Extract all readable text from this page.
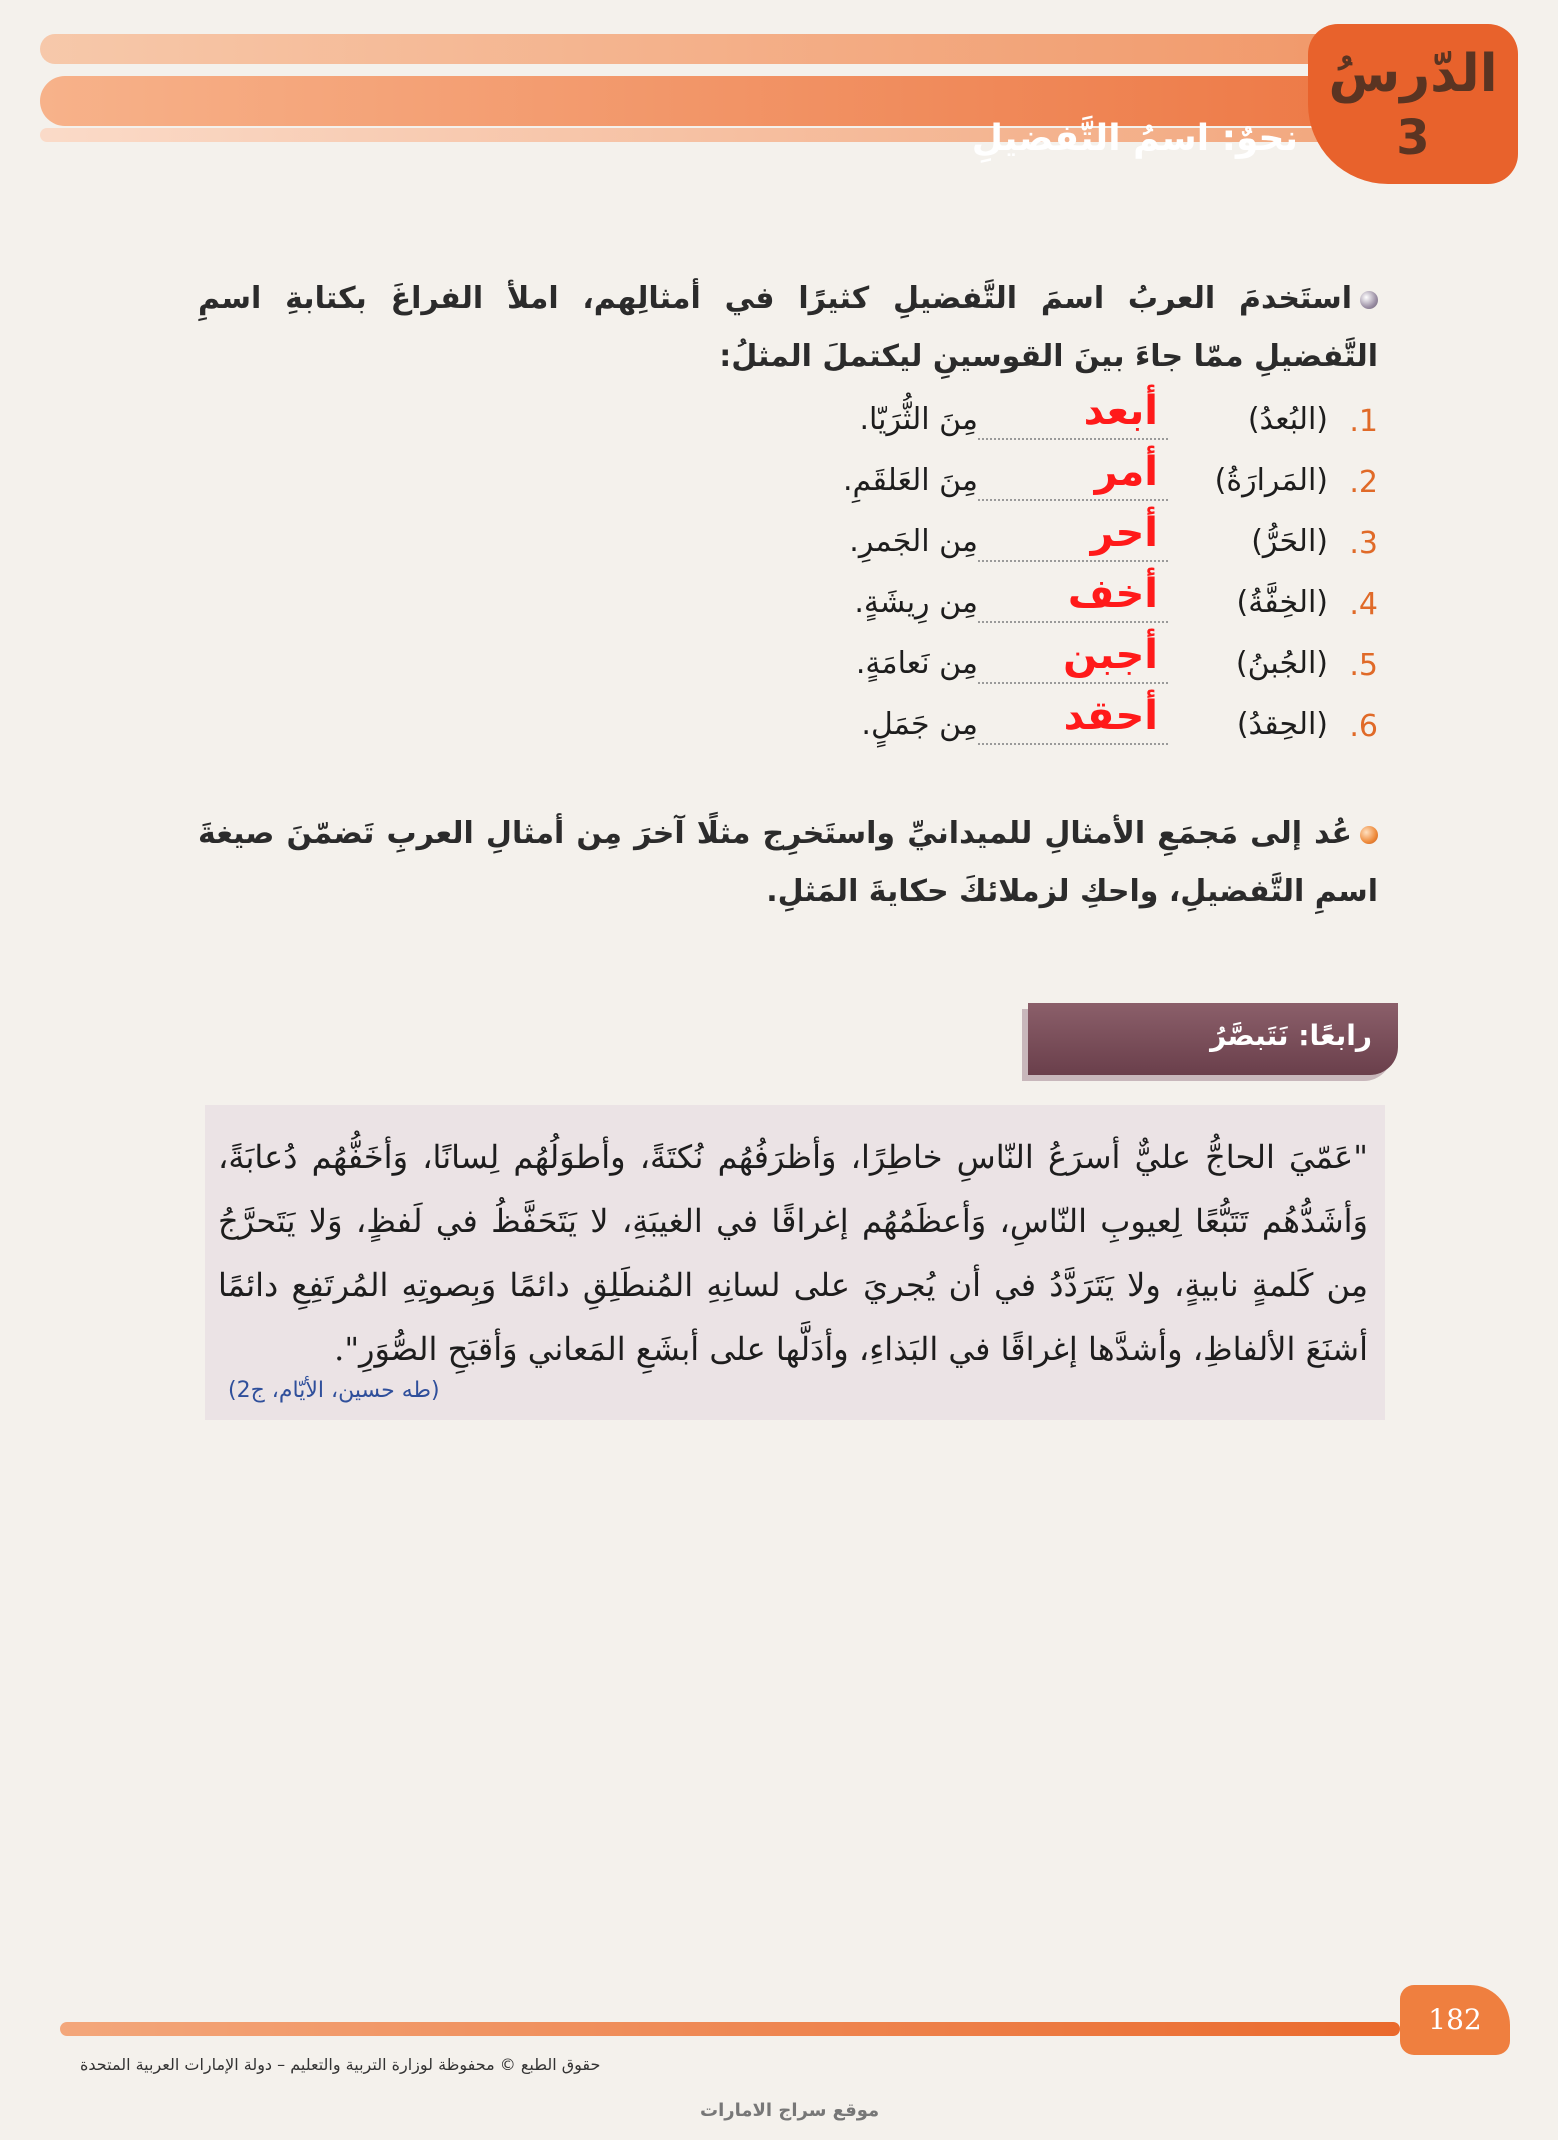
الدّرسُ
3
نحوٌ: اسمُ التَّفضيلِ
استَخدمَ العربُ اسمَ التَّفضيلِ كثيرًا في أمثالِهم، املأ الفراغَ بكتابةِ اسمِ التَّفضيلِ ممّا جاءَ بينَ القوسينِ ليكتملَ المثلُ:
1.
(البُعدُ)
أبعد
مِنَ الثُّرَيّا.
2.
(المَرارَةُ)
أمر
مِنَ العَلقَمِ.
3.
(الحَرُّ)
أحر
مِن الجَمرِ.
4.
(الخِفَّةُ)
أخف
مِن رِيشَةٍ.
5.
(الجُبنُ)
أجبن
مِن نَعامَةٍ.
6.
(الحِقدُ)
أحقد
مِن جَمَلٍ.
عُد إلى مَجمَعِ الأمثالِ للميدانيِّ واستَخرِج مثلًا آخرَ مِن أمثالِ العربِ تَضمّنَ صيغةَ اسمِ التَّفضيلِ، واحكِ لزملائكَ حكايةَ المَثلِ.
رابعًا: نَتَبصَّرُ
"عَمّيَ الحاجُّ عليٌّ أسرَعُ النّاسِ خاطِرًا، وَأظرَفُهُم نُكتَةً، وأطوَلُهُم لِسانًا، وَأخَفُّهُم دُعابَةً، وَأشَدُّهُم تَتَبُّعًا لِعيوبِ النّاسِ، وَأعظَمُهُم إغراقًا في الغيبَةِ، لا يَتَحَفَّظُ في لَفظٍ، وَلا يَتَحرَّجُ مِن كَلمةٍ نابيةٍ، ولا يَتَرَدَّدُ في أن يُجريَ على لسانِهِ المُنطَلِقِ دائمًا وَبِصوتِهِ المُرتَفِعِ دائمًا أشنَعَ الألفاظِ، وأشدَّها إغراقًا في البَذاءِ، وأدَلَّها على أبشَعِ المَعاني وَأقبَحِ الصُّوَرِ".
(طه حسين، الأيّام، ج2)
182
حقوق الطبع © محفوظة لوزارة التربية والتعليم – دولة الإمارات العربية المتحدة
موقع سراج الامارات
